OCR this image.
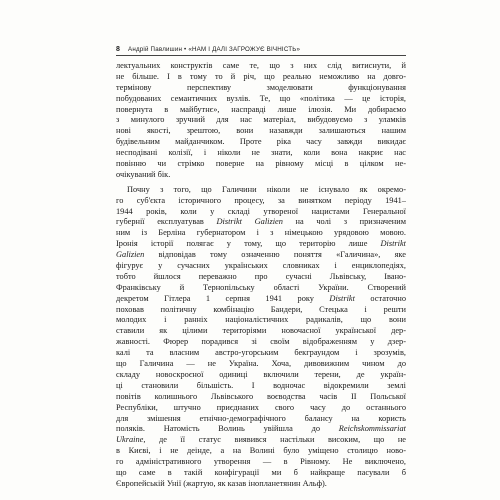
8 Андрій Павлишин • «НАМ І ДАЛІ ЗАГРОЖУЄ ВІЧНІСТЬ»
лектуальних конструктів саме те, що з них слід витиснути, й
не більше. І в тому то й річ, що реально неможливо на довго-
термінову перспективу змоделювати функціонування
побудованих семантичних вузлів. Те, що «політика — це історія,
повернута в майбутнє», насправді лише ілюзія. Ми добираємо
з минулого зручний для нас матеріал, вибудовуємо з уламків
нові якості, зрештою, вони назавжди залишаються нашим
будівельним майданчиком. Проте ріка часу завжди викидає
несподівані колізії, і ніколи не знати, коли вона накриє нас
повінню чи стрімко поверне на рівному місці в цілком не-
очікуваний бік.
Почну з того, що Галичини ніколи не існувало як окремо-
го суб'єкта історичного процесу, за винятком періоду 1941–
1944 років, коли у складі утвореної нацистами Генеральної
губернії експлуатував Distrikt Galizien на чолі з призначеним
ним із Берліна губернатором і з німецькою урядовою мовою.
Іронія історії полягає у тому, що територію лише Distrikt
Galizien відповідав тому означенню поняття «Галичина», яке
фігурує у сучасних українських словниках і енциклопедіях,
тобто йшлося переважно про сучасні Львівську, Івано-
Франківську й Тернопільську області України. Створений
декретом Гітлера 1 серпня 1941 року Distrikt остаточно
поховав політичну комбінацію Бандери, Стецька і решти
молодих і ранніх націоналістичних радикалів, що вони
ставили як цілими територіями новочасної української дер-
жавності. Фюрер порадився зі своїм відображенням у дзер-
калі та власним австро-угорським бекграундом і зрозумів,
що Галичина — не Україна. Хоча, дивовижним чином до
складу новоскроєної одиниці включили терени, де україн-
ці становили більшість. І водночас відокремили землі
повітів колишнього Львівського воєводства часів ІІ Польської
Республіки, штучно приєднаних свого часу до останнього
для змішення етнічно-демографічного балансу на користь
поляків. Натомість Волинь увійшла до Reichskommissariat
Ukraine, де її статус виявився настільки високим, що не
в Києві, і не деінде, а на Волині було уміщено столицю ново-
го адміністративного утворення — в Рівному. Не виключено,
що саме в такій конфігурації ми б найкраще пасували б
Європейській Унії (жартую, як казав інопланетянин Альф).
